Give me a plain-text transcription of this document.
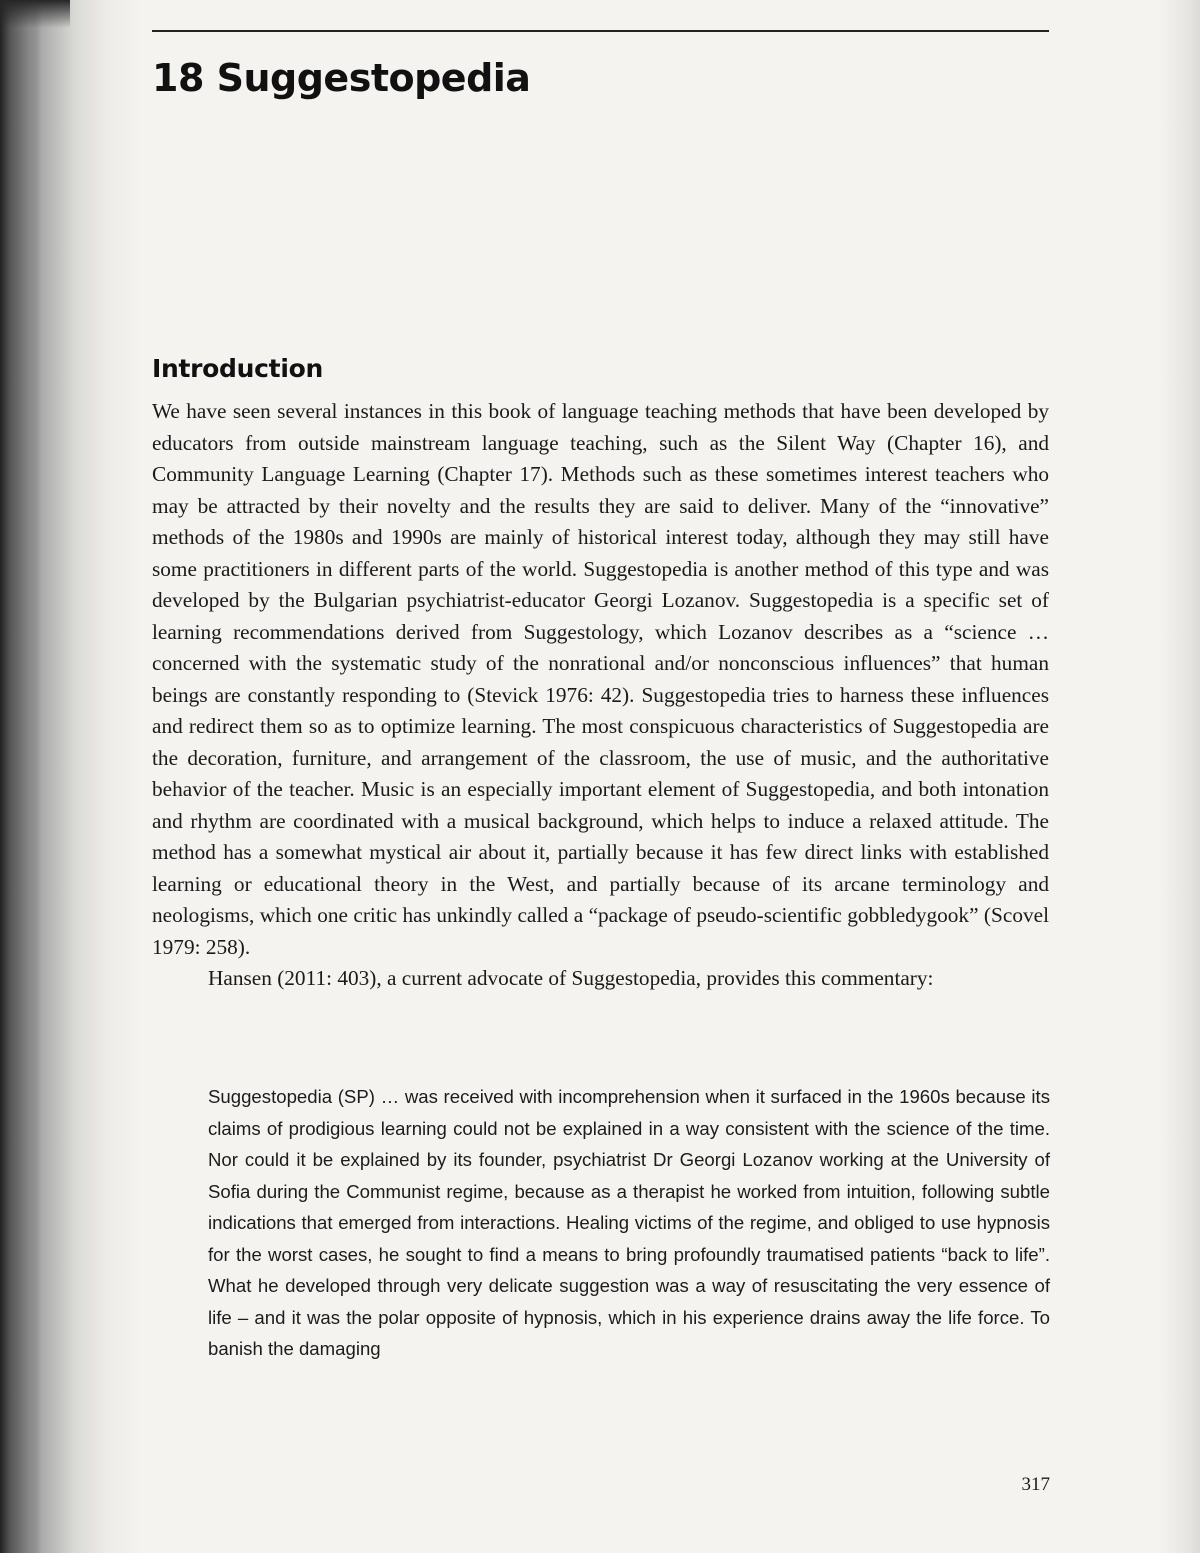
18 Suggestopedia
Introduction

We have seen several instances in this book of language teaching methods that have been developed by educators from outside mainstream language teaching, such as the Silent Way (Chapter 16), and Community Language Learning (Chapter 17). Methods such as these sometimes interest teachers who may be attracted by their novelty and the results they are said to deliver. Many of the “innovative” methods of the 1980s and 1990s are mainly of historical interest today, although they may still have some practitioners in different parts of the world. Suggestopedia is another method of this type and was developed by the Bulgarian psychiatrist-educator Georgi Lozanov. Suggestopedia is a specific set of learning recommendations derived from Suggestology, which Lozanov describes as a “science … concerned with the systematic study of the nonrational and/or nonconscious influences” that human beings are constantly responding to (Stevick 1976: 42). Suggestopedia tries to harness these influences and redirect them so as to optimize learning. The most conspicuous characteristics of Suggestopedia are the decoration, furniture, and arrangement of the classroom, the use of music, and the authoritative behavior of the teacher. Music is an especially important element of Suggestopedia, and both intonation and rhythm are coordinated with a musical background, which helps to induce a relaxed attitude. The method has a somewhat mystical air about it, partially because it has few direct links with established learning or educational theory in the West, and partially because of its arcane terminology and neologisms, which one critic has unkindly called a “package of pseudo-scientific gobbledygook” (Scovel 1979: 258).

Hansen (2011: 403), a current advocate of Suggestopedia, provides this commentary:

Suggestopedia (SP) … was received with incomprehension when it surfaced in the 1960s because its claims of prodigious learning could not be explained in a way consistent with the science of the time. Nor could it be explained by its founder, psychiatrist Dr Georgi Lozanov working at the University of Sofia during the Communist regime, because as a therapist he worked from intuition, following subtle indications that emerged from interactions. Healing victims of the regime, and obliged to use hypnosis for the worst cases, he sought to find a means to bring profoundly traumatised patients “back to life”. What he developed through very delicate suggestion was a way of resuscitating the very essence of life – and it was the polar opposite of hypnosis, which in his experience drains away the life force. To banish the damaging

317
